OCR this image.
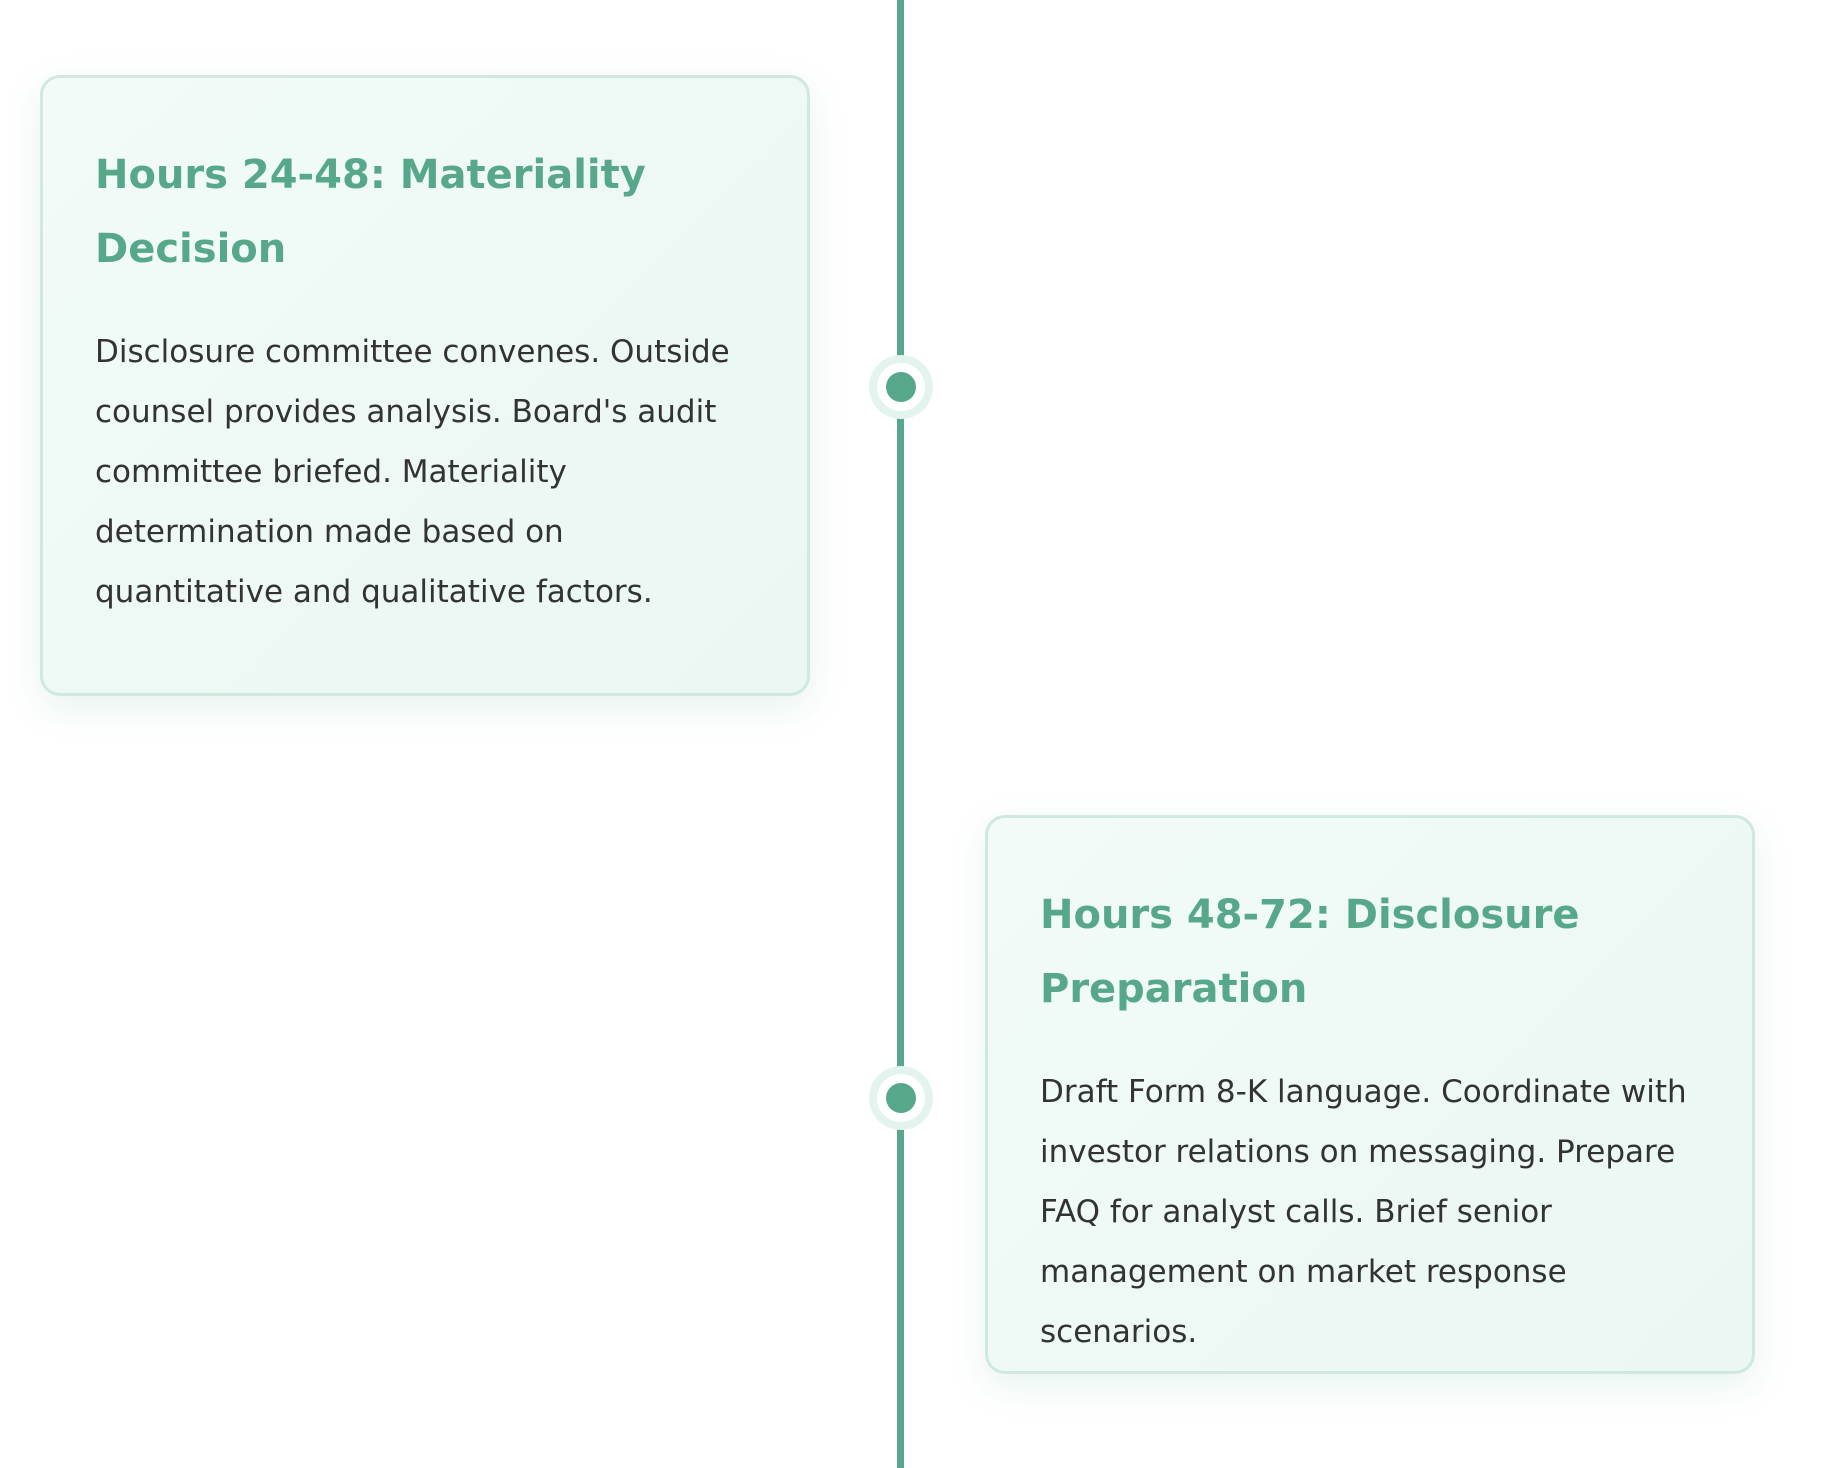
Hours 24-48: Materiality Decision

Disclosure committee convenes. Outside counsel provides analysis. Board's audit committee briefed. Materiality determination made based on quantitative and qualitative factors.

Hours 48-72: Disclosure Preparation

Draft Form 8-K language. Coordinate with investor relations on messaging. Prepare FAQ for analyst calls. Brief senior management on market response scenarios.
